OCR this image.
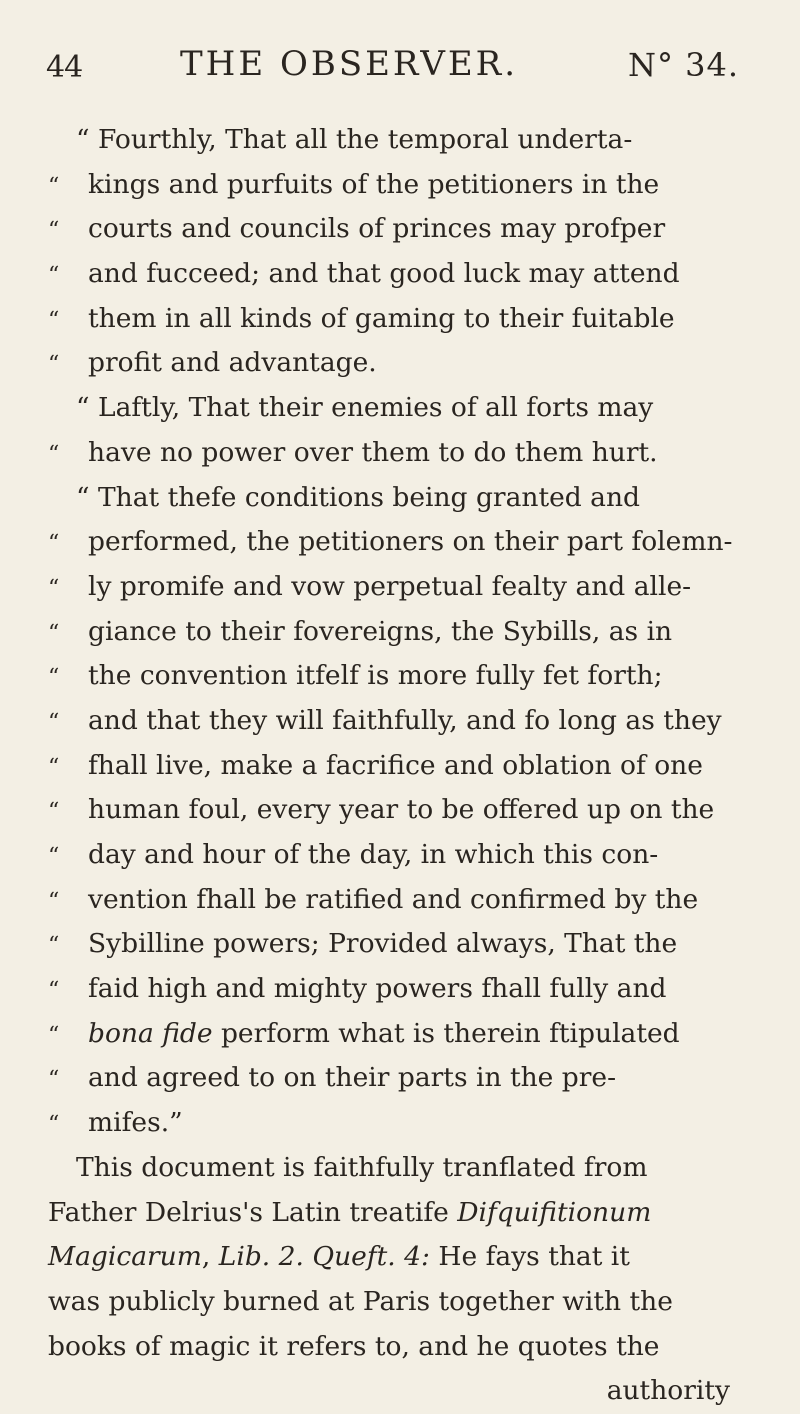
44	THE OBSERVER.	N° 34.
“ Fourthly, That all the temporal underta-
“ kings and purfuits of the petitioners in the
“ courts and councils of princes may profper
“ and fucceed; and that good luck may attend
“ them in all kinds of gaming to their fuitable
“ profit and advantage.
“ Laftly, That their enemies of all forts may
“ have no power over them to do them hurt.
“ That thefe conditions being granted and
“ performed, the petitioners on their part folemn-
“ ly promife and vow perpetual fealty and alle-
“ giance to their fovereigns, the Sybills, as in
“ the convention itfelf is more fully fet forth;
“ and that they will faithfully, and fo long as they
“ fhall live, make a facrifice and oblation of one
“ human foul, every year to be offered up on the
“ day and hour of the day, in which this con-
“ vention fhall be ratified and confirmed by the
“ Sybilline powers; Provided always, That the
“ faid high and mighty powers fhall fully and
“ bona fide perform what is therein ftipulated
“ and agreed to on their parts in the pre-
“ mifes.”
This document is faithfully tranflated from
Father Delrius's Latin treatife Difquifitionum
Magicarum, Lib. 2. Queft. 4: He fays that it
was publicly burned at Paris together with the
books of magic it refers to, and he quotes the
authority
